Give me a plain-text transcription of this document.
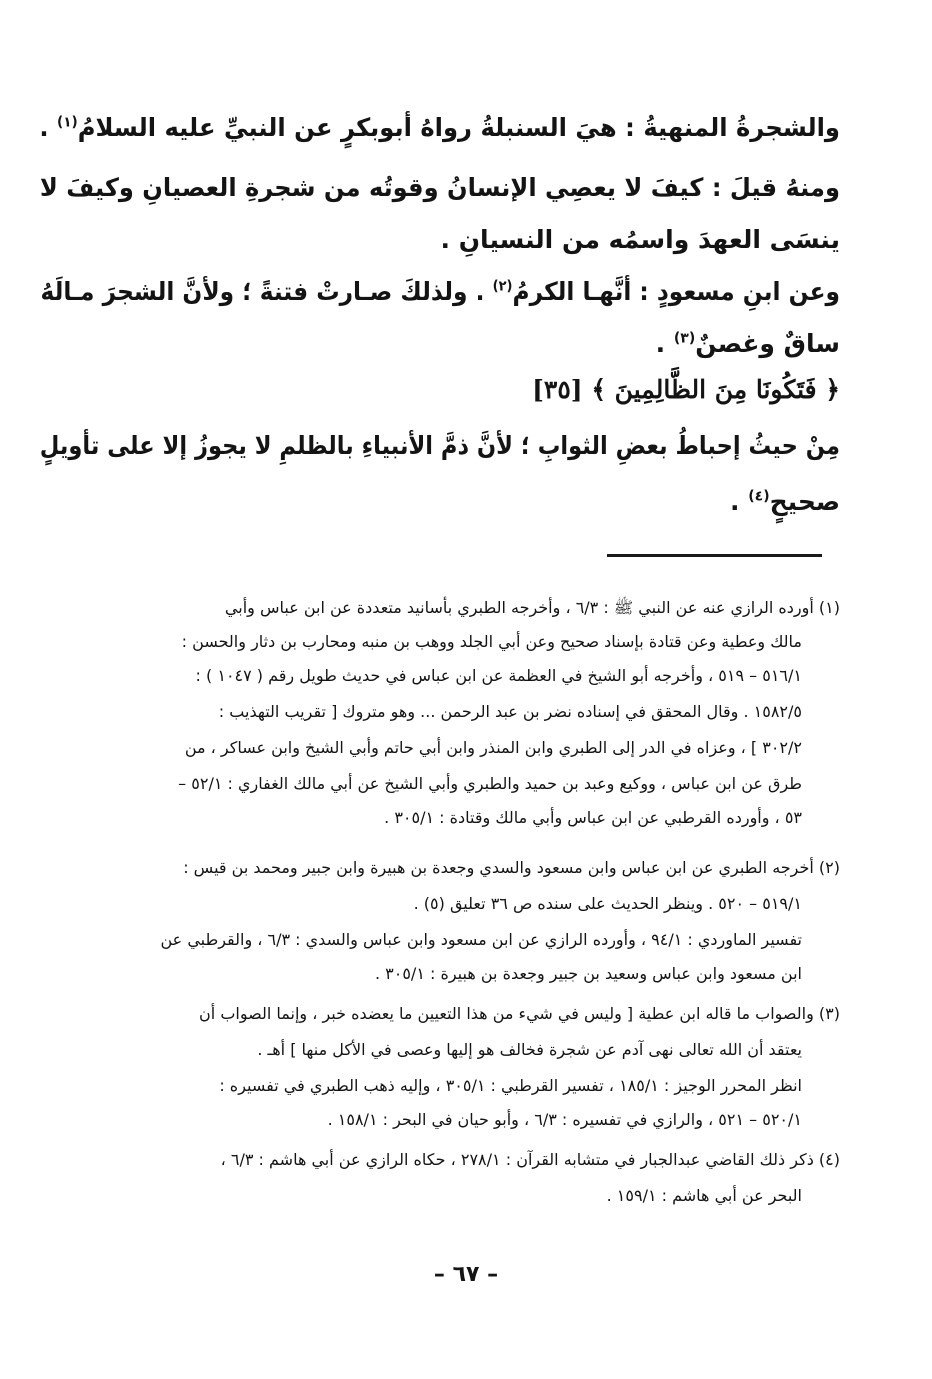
والشجرةُ المنهيةُ : هيَ السنبلةُ رواهُ أبوبكرٍ عن النبيِّ عليه السلامُ$^{(١)}$ .
ومنهُ قيلَ : كيفَ لا يعصِي الإنسانُ وقوتُه من شجرةِ العصيانِ وكيفَ لا
ينسَى العهدَ واسمُه من النسيانِ .
وعن ابنِ مسعودٍ : أنَّهـا الكرمُ$^{(٢)}$ . ولذلكَ صـارتْ فتنةً ؛ ولأنَّ الشجرَ مـالَهُ
ساقٌ وغصنٌ$^{(٣)}$ .
﴿ فَتَكُونَا مِنَ الظَّالِمِينَ ﴾ [٣٥]
مِنْ حيثُ إحباطُ بعضِ الثوابِ ؛ لأنَّ ذمَّ الأنبياءِ بالظلمِ لا يجوزُ إلا على تأويلٍ
صحيحٍ$^{(٤)}$ .
(١) أورده الرازي عنه عن النبي ﷺ : ٦/٣ ، وأخرجه الطبري بأسانيد متعددة عن ابن عباس وأبي
مالك وعطية وعن قتادة بإسناد صحيح وعن أبي الجلد ووهب بن منبه ومحارب بن دثار والحسن :
٥١٦/١ – ٥١٩ ، وأخرجه أبو الشيخ في العظمة عن ابن عباس في حديث طويل رقم ( ١٠٤٧ ) :
١٥٨٢/٥ . وقال المحقق في إسناده نضر بن عبد الرحمن ... وهو متروك [ تقريب التهذيب :
٣٠٢/٢ ] ، وعزاه في الدر إلى الطبري وابن المنذر وابن أبي حاتم وأبي الشيخ وابن عساكر ، من
طرق عن ابن عباس ، ووكيع وعبد بن حميد والطبري وأبي الشيخ عن أبي مالك الغفاري : ٥٢/١ –
٥٣ ، وأورده القرطبي عن ابن عباس وأبي مالك وقتادة : ٣٠٥/١ .
(٢) أخرجه الطبري عن ابن عباس وابن مسعود والسدي وجعدة بن هبيرة وابن جبير ومحمد بن قيس :
٥١٩/١ – ٥٢٠ . وينظر الحديث على سنده ص ٣٦ تعليق (٥) .
تفسير الماوردي : ٩٤/١ ، وأورده الرازي عن ابن مسعود وابن عباس والسدي : ٦/٣ ، والقرطبي عن
ابن مسعود وابن عباس وسعيد بن جبير وجعدة بن هبيرة : ٣٠٥/١ .
(٣) والصواب ما قاله ابن عطية [ وليس في شيء من هذا التعيين ما يعضده خبر ، وإنما الصواب أن
يعتقد أن الله تعالى نهى آدم عن شجرة فخالف هو إليها وعصى في الأكل منها ] أهـ .
انظر المحرر الوجيز : ١٨٥/١ ، تفسير القرطبي : ٣٠٥/١ ، وإليه ذهب الطبري في تفسيره :
٥٢٠/١ – ٥٢١ ، والرازي في تفسيره : ٦/٣ ، وأبو حيان في البحر : ١٥٨/١ .
(٤) ذكر ذلك القاضي عبدالجبار في متشابه القرآن : ٢٧٨/١ ، حكاه الرازي عن أبي هاشم : ٦/٣ ،
البحر عن أبي هاشم : ١٥٩/١ .
– ٦٧ –
